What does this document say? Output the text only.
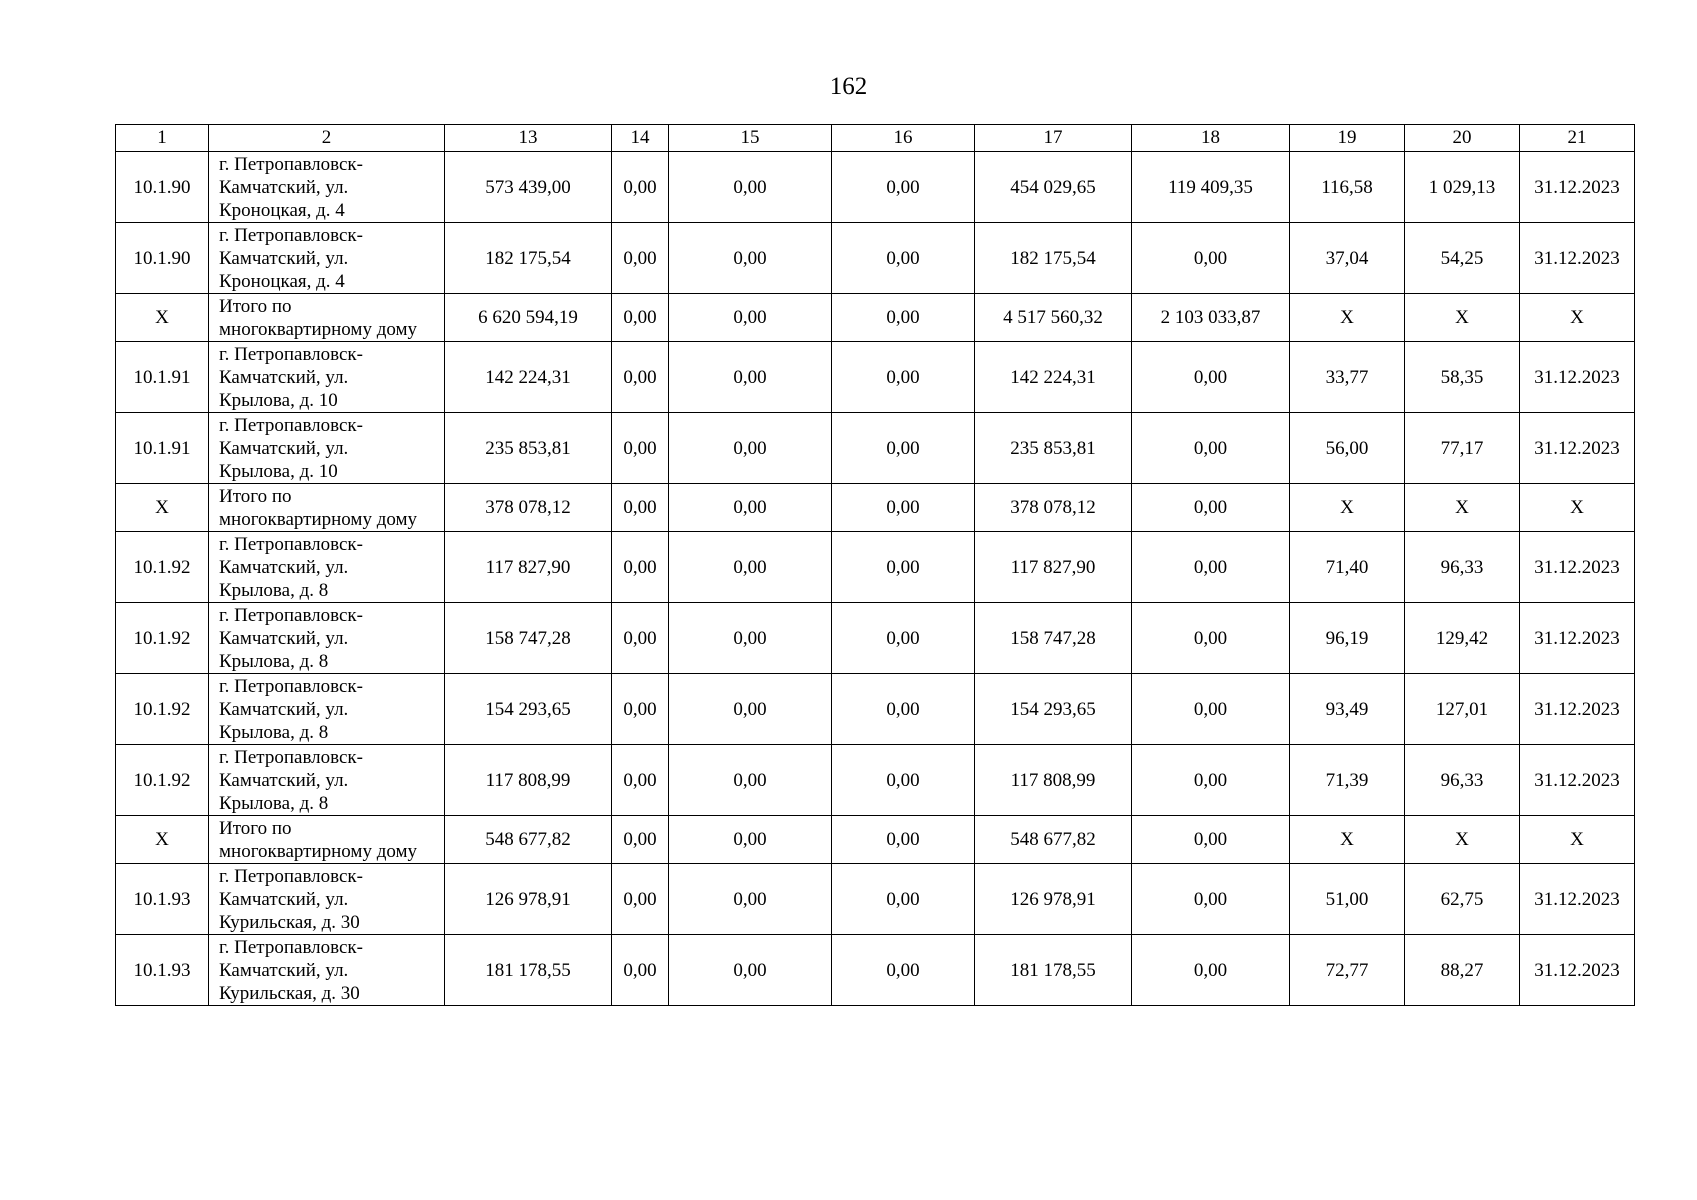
162
1	2	13	14	15	16	17	18	19	20	21
10.1.90	г. Петропавловск-
Камчатский, ул.
Кроноцкая, д. 4	573 439,00	0,00	0,00	0,00	454 029,65	119 409,35	116,58	1 029,13	31.12.2023
10.1.90	г. Петропавловск-
Камчатский, ул.
Кроноцкая, д. 4	182 175,54	0,00	0,00	0,00	182 175,54	0,00	37,04	54,25	31.12.2023
X	Итого по
многоквартирному дому	6 620 594,19	0,00	0,00	0,00	4 517 560,32	2 103 033,87	X	X	X
10.1.91	г. Петропавловск-
Камчатский, ул.
Крылова, д. 10	142 224,31	0,00	0,00	0,00	142 224,31	0,00	33,77	58,35	31.12.2023
10.1.91	г. Петропавловск-
Камчатский, ул.
Крылова, д. 10	235 853,81	0,00	0,00	0,00	235 853,81	0,00	56,00	77,17	31.12.2023
X	Итого по
многоквартирному дому	378 078,12	0,00	0,00	0,00	378 078,12	0,00	X	X	X
10.1.92	г. Петропавловск-
Камчатский, ул.
Крылова, д. 8	117 827,90	0,00	0,00	0,00	117 827,90	0,00	71,40	96,33	31.12.2023
10.1.92	г. Петропавловск-
Камчатский, ул.
Крылова, д. 8	158 747,28	0,00	0,00	0,00	158 747,28	0,00	96,19	129,42	31.12.2023
10.1.92	г. Петропавловск-
Камчатский, ул.
Крылова, д. 8	154 293,65	0,00	0,00	0,00	154 293,65	0,00	93,49	127,01	31.12.2023
10.1.92	г. Петропавловск-
Камчатский, ул.
Крылова, д. 8	117 808,99	0,00	0,00	0,00	117 808,99	0,00	71,39	96,33	31.12.2023
X	Итого по
многоквартирному дому	548 677,82	0,00	0,00	0,00	548 677,82	0,00	X	X	X
10.1.93	г. Петропавловск-
Камчатский, ул.
Курильская, д. 30	126 978,91	0,00	0,00	0,00	126 978,91	0,00	51,00	62,75	31.12.2023
10.1.93	г. Петропавловск-
Камчатский, ул.
Курильская, д. 30	181 178,55	0,00	0,00	0,00	181 178,55	0,00	72,77	88,27	31.12.2023
